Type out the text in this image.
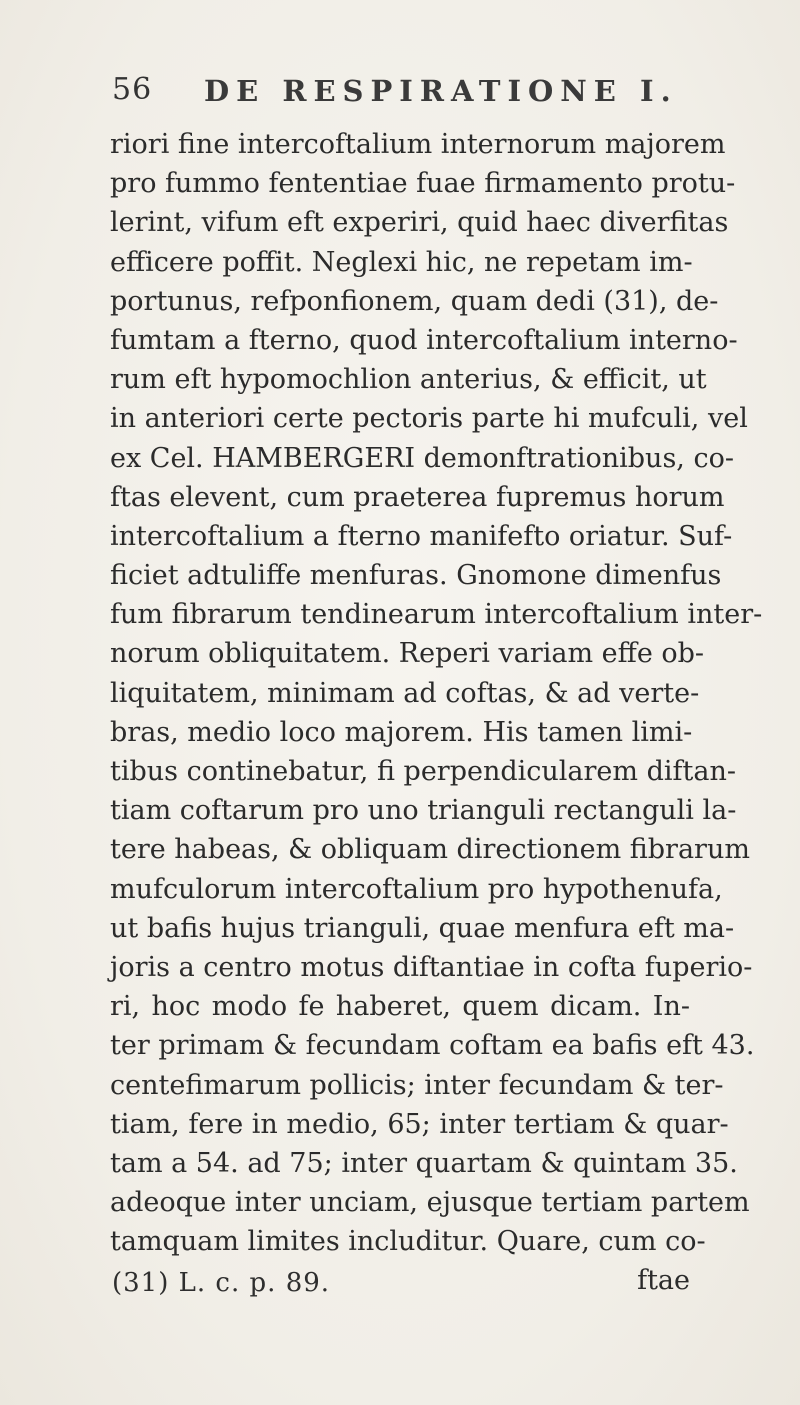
56 DE RESPIRATIONE I.
riori fine intercoftalium internorum majorem
pro fummo fententiae fuae firmamento protu-
lerint, vifum eft experiri, quid haec diverfitas
efficere poffit. Neglexi hic, ne repetam im-
portunus, refponfionem, quam dedi (31), de-
fumtam a fterno, quod intercoftalium interno-
rum eft hypomochlion anterius, & efficit, ut
in anteriori certe pectoris parte hi mufculi, vel
ex Cel. HAMBERGERI demonftrationibus, co-
ftas elevent, cum praeterea fupremus horum
intercoftalium a fterno manifefto oriatur. Suf-
ficiet adtuliffe menfuras. Gnomone dimenfus
fum fibrarum tendinearum intercoftalium inter-
norum obliquitatem. Reperi variam effe ob-
liquitatem, minimam ad coftas, & ad verte-
bras, medio loco majorem. His tamen limi-
tibus continebatur, fi perpendicularem diftan-
tiam coftarum pro uno trianguli rectanguli la-
tere habeas, & obliquam directionem fibrarum
mufculorum intercoftalium pro hypothenufa,
ut bafis hujus trianguli, quae menfura eft ma-
joris a centro motus diftantiae in cofta fuperio-
ri, hoc modo fe haberet, quem dicam. In-
ter primam & fecundam coftam ea bafis eft 43.
centefimarum pollicis; inter fecundam & ter-
tiam, fere in medio, 65; inter tertiam & quar-
tam a 54. ad 75; inter quartam & quintam 35.
adeoque inter unciam, ejusque tertiam partem
tamquam limites includitur. Quare, cum co-
ftae
(31) L. c. p. 89.
